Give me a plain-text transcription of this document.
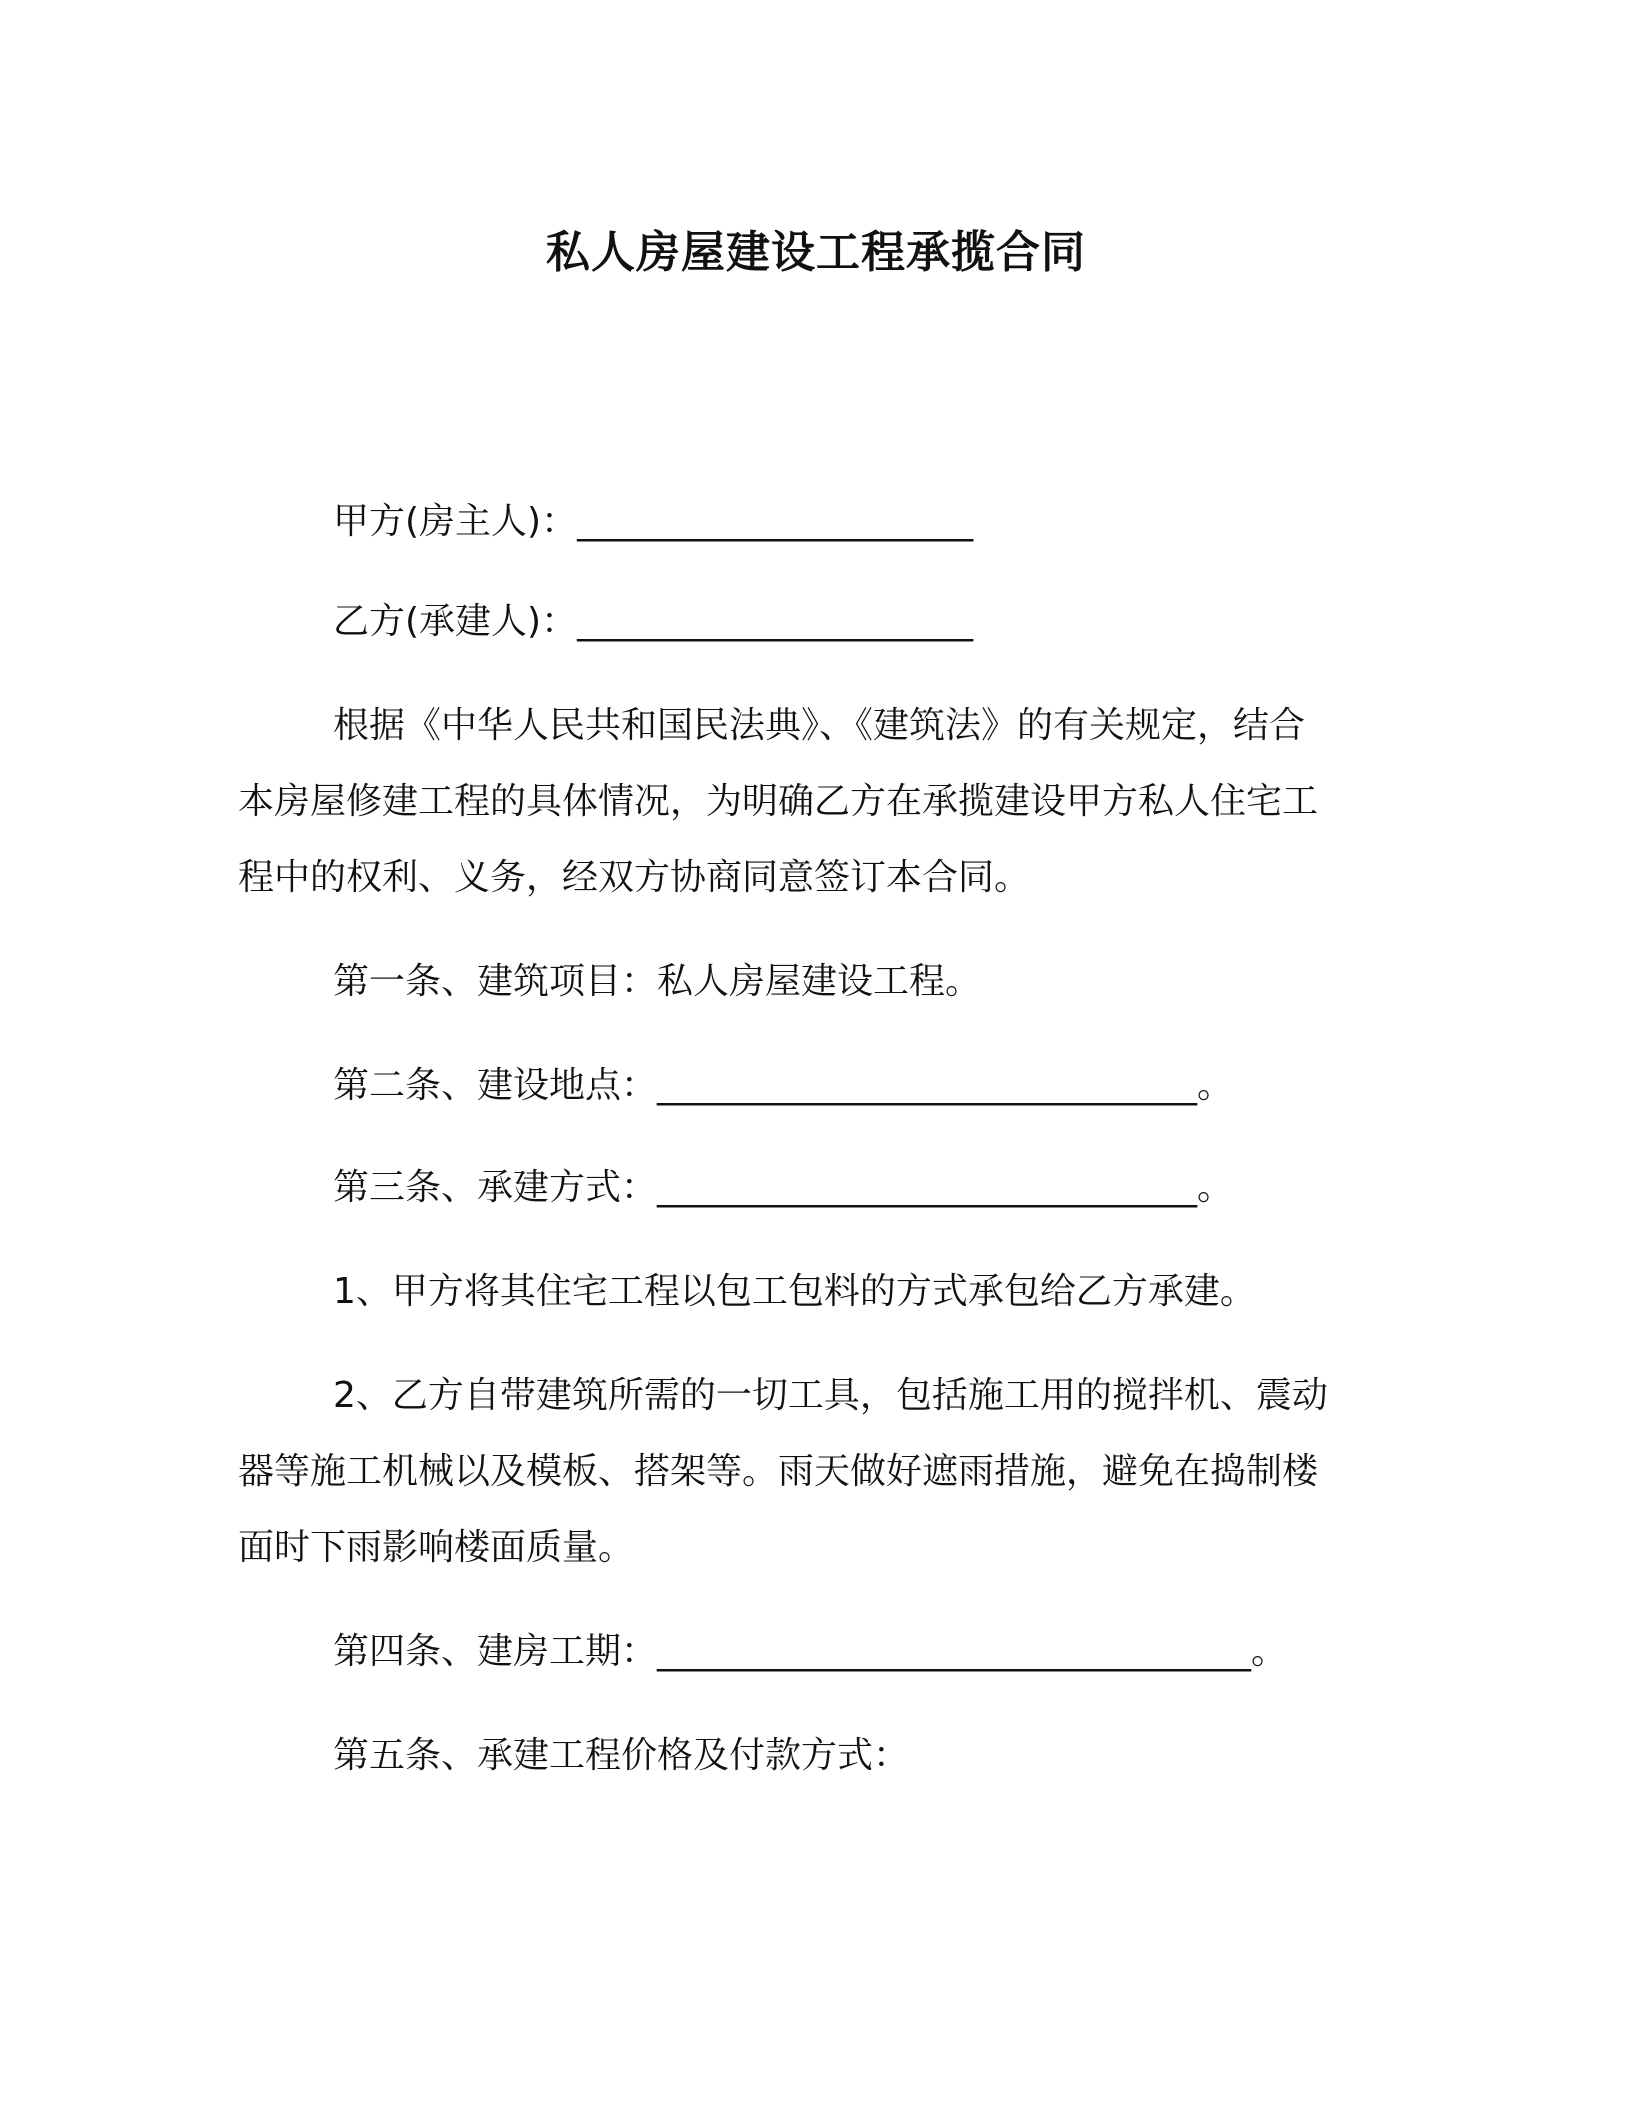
私人房屋建设工程承揽合同
甲方(房主人)：______________________
乙方(承建人)：______________________
根据《中华人民共和国民法典》、《建筑法》的有关规定，结合
本房屋修建工程的具体情况，为明确乙方在承揽建设甲方私人住宅工
程中的权利、义务，经双方协商同意签订本合同。
第一条、建筑项目：私人房屋建设工程。
第二条、建设地点：______________________________。
第三条、承建方式：______________________________。
1、甲方将其住宅工程以包工包料的方式承包给乙方承建。
2、乙方自带建筑所需的一切工具，包括施工用的搅拌机、震动
器等施工机械以及模板、搭架等。雨天做好遮雨措施，避免在捣制楼
面时下雨影响楼面质量。
第四条、建房工期：_________________________________。
第五条、承建工程价格及付款方式：
